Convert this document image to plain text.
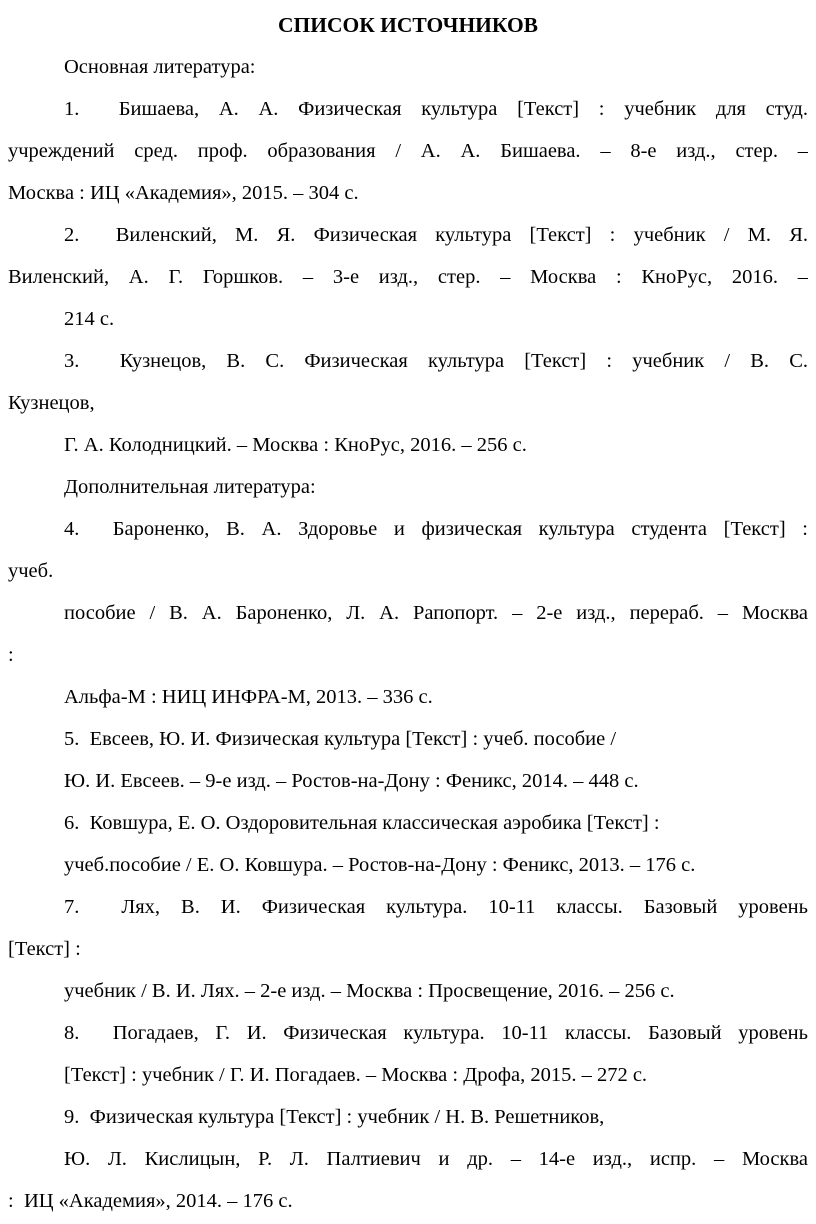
СПИСОК ИСТОЧНИКОВ
Основная литература:
1.  Бишаева, А. А. Физическая культура [Текст] : учебник для студ.
учреждений сред. проф. образования / А. А. Бишаева. – 8-е изд., стер. –
Москва : ИЦ «Академия», 2015. – 304 с.
2.  Виленский, М. Я. Физическая культура [Текст] : учебник / М. Я.
Виленский, А. Г. Горшков. – 3-е изд., стер. – Москва : КноРус, 2016. –
214 с.
3.  Кузнецов, В. С. Физическая культура [Текст] : учебник / В. С.
Кузнецов,
Г. А. Колодницкий. – Москва : КноРус, 2016. – 256 с.
Дополнительная литература:
4.  Бароненко, В. А. Здоровье и физическая культура студента [Текст] :
учеб.
пособие / В. А. Бароненко, Л. А. Рапопорт. – 2-е изд., перераб. – Москва
:
Альфа-М : НИЦ ИНФРА-М, 2013. – 336 с.
5.  Евсеев, Ю. И. Физическая культура [Текст] : учеб. пособие /
Ю. И. Евсеев. – 9-е изд. – Ростов-на-Дону : Феникс, 2014. – 448 с.
6.  Ковшура, Е. О. Оздоровительная классическая аэробика [Текст] :
учеб.пособие / Е. О. Ковшура. – Ростов-на-Дону : Феникс, 2013. – 176 с.
7.  Лях, В. И. Физическая культура. 10-11 классы. Базовый уровень
[Текст] :
учебник / В. И. Лях. – 2-е изд. – Москва : Просвещение, 2016. – 256 с.
8.  Погадаев, Г. И. Физическая культура. 10-11 классы. Базовый уровень
[Текст] : учебник / Г. И. Погадаев. – Москва : Дрофа, 2015. – 272 с.
9.  Физическая культура [Текст] : учебник / Н. В. Решетников,
Ю. Л. Кислицын, Р. Л. Палтиевич и др. – 14-е изд., испр. – Москва
:  ИЦ «Академия», 2014. – 176 с.
